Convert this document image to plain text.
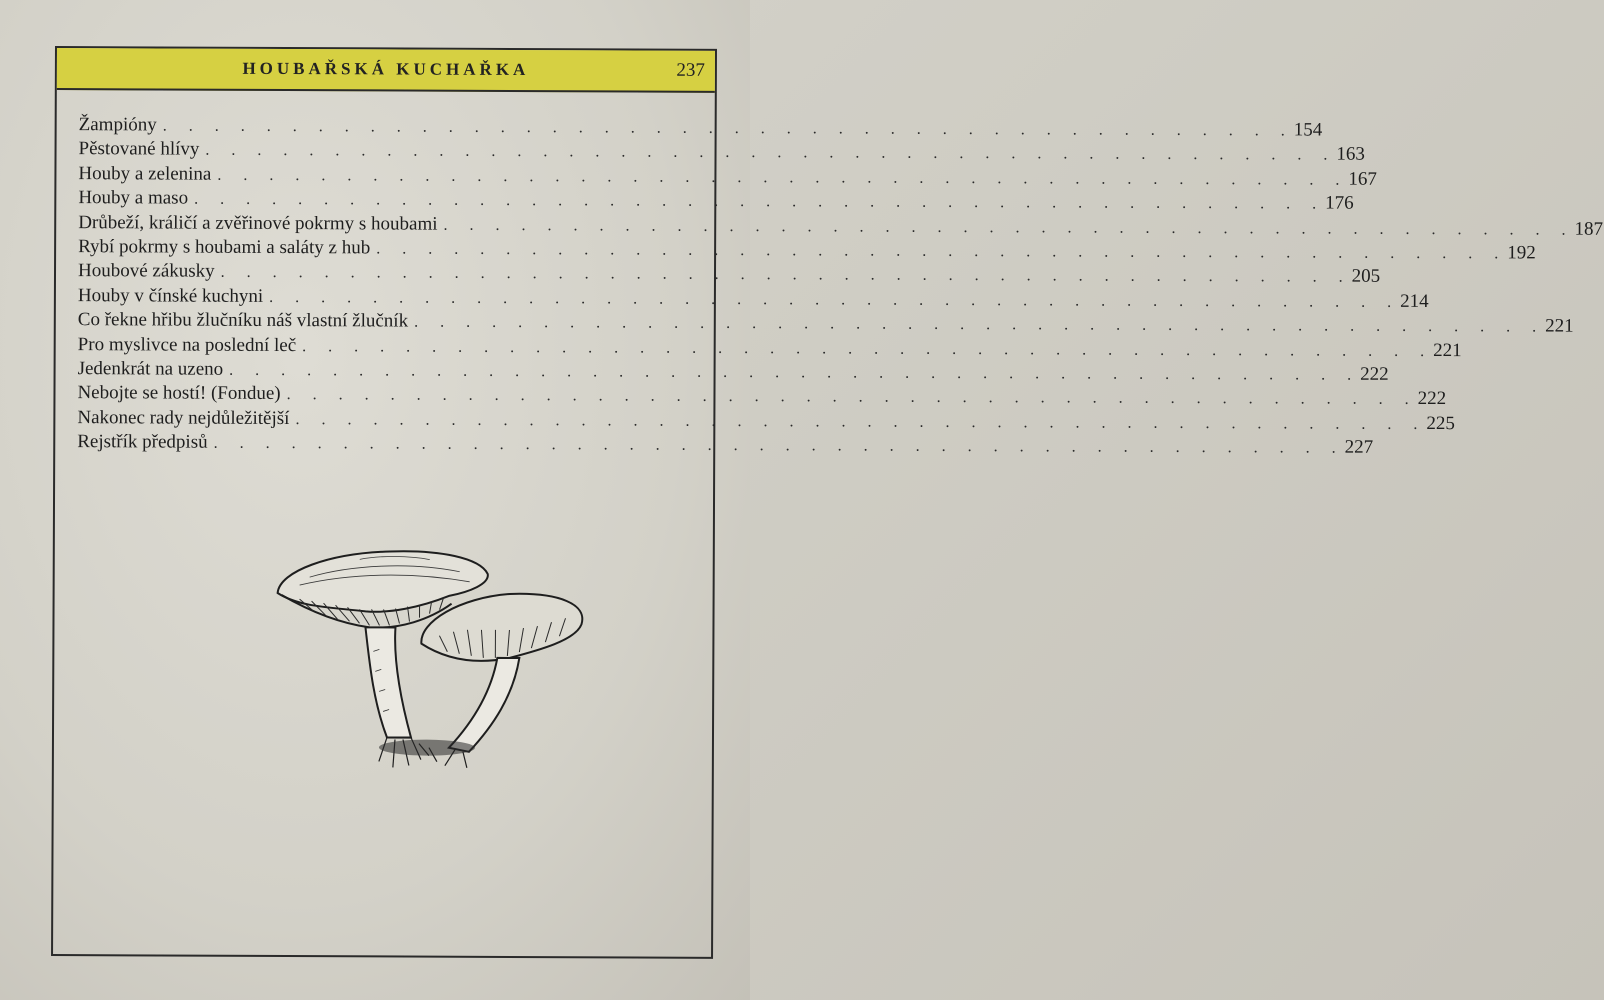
HOUBAŘSKÁ KUCHAŘKA	237
Žampióny . . . . . . . . . . . . . . . . . . . . . . . . . . . . . . . . . . . . . . . . . . . . 154
Pěstované hlívy . . . . . . . . . . . . . . . . . . . . . . . . . . . . . . . . . . . . . . . . . . . . 163
Houby a zelenina . . . . . . . . . . . . . . . . . . . . . . . . . . . . . . . . . . . . . . . . . . . . 167
Houby a maso . . . . . . . . . . . . . . . . . . . . . . . . . . . . . . . . . . . . . . . . . . . . 176
Drůbeží, králičí a zvěřinové pokrmy s houbami . . . . . . . . . . . . . . . . . . . . . . . . . . . . . . . . . . . . . . . . . . . . 187
Rybí pokrmy s houbami a saláty z hub . . . . . . . . . . . . . . . . . . . . . . . . . . . . . . . . . . . . . . . . . . . . 192
Houbové zákusky . . . . . . . . . . . . . . . . . . . . . . . . . . . . . . . . . . . . . . . . . . . . 205
Houby v čínské kuchyni . . . . . . . . . . . . . . . . . . . . . . . . . . . . . . . . . . . . . . . . . . . . 214
Co řekne hřibu žlučníku náš vlastní žlučník . . . . . . . . . . . . . . . . . . . . . . . . . . . . . . . . . . . . . . . . . . . . 221
Pro myslivce na poslední leč . . . . . . . . . . . . . . . . . . . . . . . . . . . . . . . . . . . . . . . . . . . . 221
Jedenkrát na uzeno . . . . . . . . . . . . . . . . . . . . . . . . . . . . . . . . . . . . . . . . . . . . 222
Nebojte se hostí! (Fondue) . . . . . . . . . . . . . . . . . . . . . . . . . . . . . . . . . . . . . . . . . . . . 222
Nakonec rady nejdůležitější . . . . . . . . . . . . . . . . . . . . . . . . . . . . . . . . . . . . . . . . . . . . 225
Rejstřík předpisů . . . . . . . . . . . . . . . . . . . . . . . . . . . . . . . . . . . . . . . . . . . . 227
